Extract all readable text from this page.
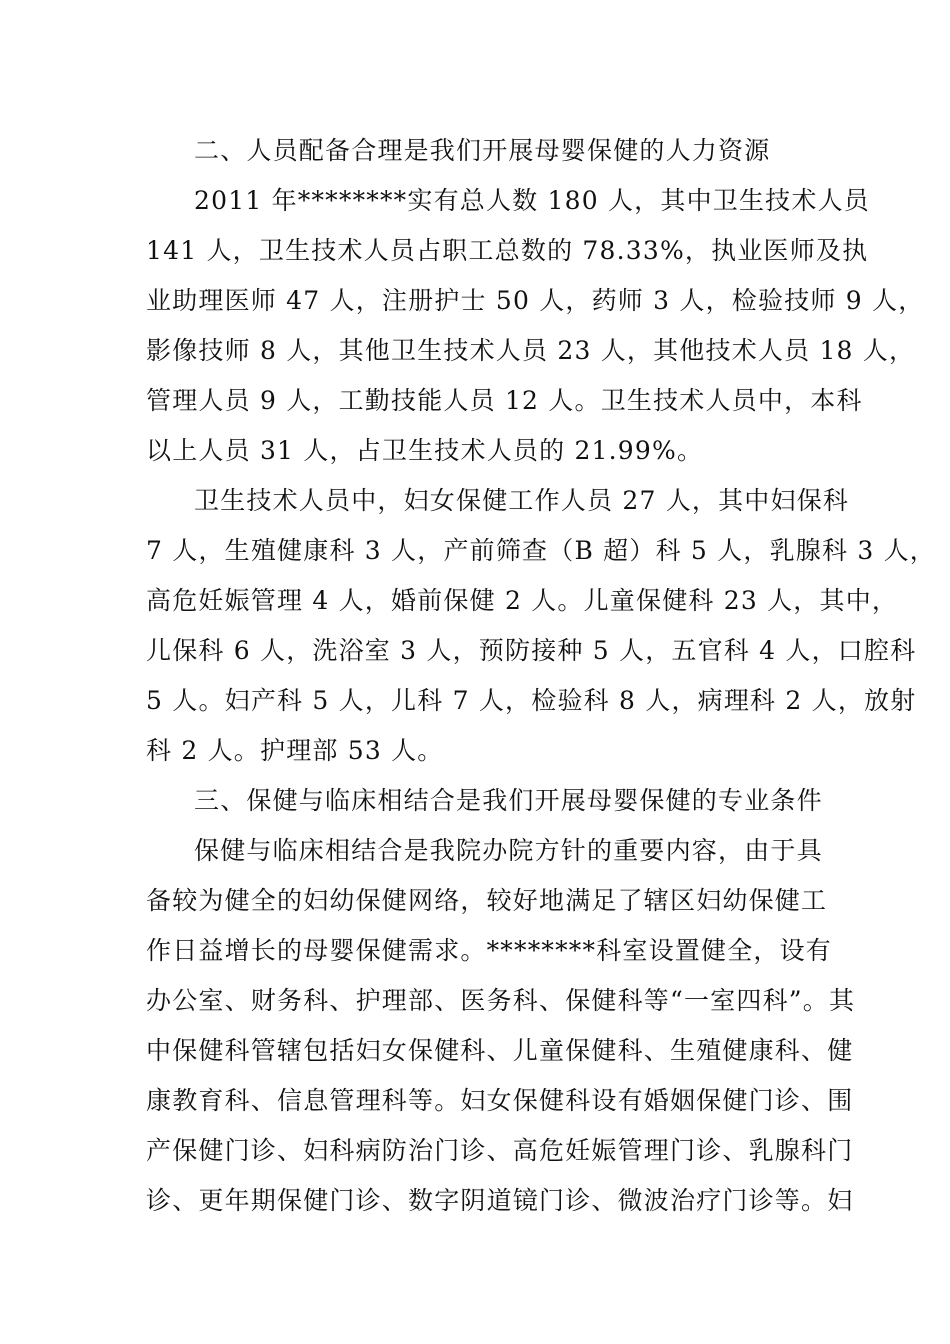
二、人员配备合理是我们开展母婴保健的人力资源
2011 年********实有总人数 180 人，其中卫生技术人员
141 人，卫生技术人员占职工总数的 78.33%，执业医师及执
业助理医师 47 人，注册护士 50 人，药师 3 人，检验技师 9 人，
影像技师 8 人，其他卫生技术人员 23 人，其他技术人员 18 人，
管理人员 9 人，工勤技能人员 12 人。卫生技术人员中，本科
以上人员 31 人，占卫生技术人员的 21.99%。
卫生技术人员中，妇女保健工作人员 27 人，其中妇保科
7 人，生殖健康科 3 人，产前筛查（B 超）科 5 人，乳腺科 3 人，
高危妊娠管理 4 人，婚前保健 2 人。儿童保健科 23 人，其中，
儿保科 6 人，洗浴室 3 人，预防接种 5 人，五官科 4 人，口腔科
5 人。妇产科 5 人，儿科 7 人，检验科 8 人，病理科 2 人，放射
科 2 人。护理部 53 人。
三、保健与临床相结合是我们开展母婴保健的专业条件
保健与临床相结合是我院办院方针的重要内容，由于具
备较为健全的妇幼保健网络，较好地满足了辖区妇幼保健工
作日益增长的母婴保健需求。********科室设置健全，设有
办公室、财务科、护理部、医务科、保健科等“一室四科”。其
中保健科管辖包括妇女保健科、儿童保健科、生殖健康科、健
康教育科、信息管理科等。妇女保健科设有婚姻保健门诊、围
产保健门诊、妇科病防治门诊、高危妊娠管理门诊、乳腺科门
诊、更年期保健门诊、数字阴道镜门诊、微波治疗门诊等。妇
